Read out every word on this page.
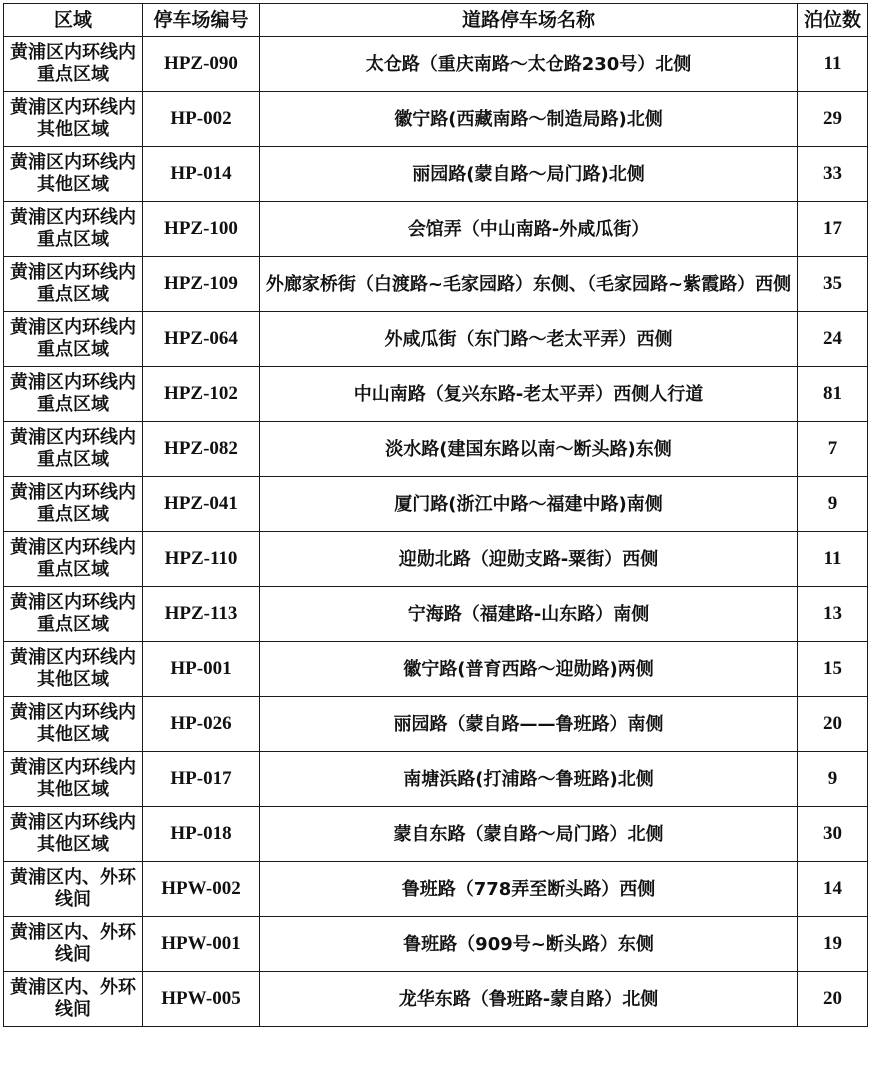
区域	停车场编号	道路停车场名称	泊位数
黄浦区内环线内重点区域	HPZ-090	太仓路（重庆南路～太仓路230号）北侧	11
黄浦区内环线内其他区域	HP-002	徽宁路(西藏南路～制造局路)北侧	29
黄浦区内环线内其他区域	HP-014	丽园路(蒙自路～局门路)北侧	33
黄浦区内环线内重点区域	HPZ-100	会馆弄（中山南路-外咸瓜街）	17
黄浦区内环线内重点区域	HPZ-109	外廊家桥街（白渡路~毛家园路）东侧、（毛家园路~紫霞路）西侧	35
黄浦区内环线内重点区域	HPZ-064	外咸瓜街（东门路～老太平弄）西侧	24
黄浦区内环线内重点区域	HPZ-102	中山南路（复兴东路-老太平弄）西侧人行道	81
黄浦区内环线内重点区域	HPZ-082	淡水路(建国东路以南～断头路)东侧	7
黄浦区内环线内重点区域	HPZ-041	厦门路(浙江中路～福建中路)南侧	9
黄浦区内环线内重点区域	HPZ-110	迎勋北路（迎勋支路-粟街）西侧	11
黄浦区内环线内重点区域	HPZ-113	宁海路（福建路-山东路）南侧	13
黄浦区内环线内其他区域	HP-001	徽宁路(普育西路～迎勋路)两侧	15
黄浦区内环线内其他区域	HP-026	丽园路（蒙自路——鲁班路）南侧	20
黄浦区内环线内其他区域	HP-017	南塘浜路(打浦路～鲁班路)北侧	9
黄浦区内环线内其他区域	HP-018	蒙自东路（蒙自路～局门路）北侧	30
黄浦区内、外环线间	HPW-002	鲁班路（778弄至断头路）西侧	14
黄浦区内、外环线间	HPW-001	鲁班路（909号~断头路）东侧	19
黄浦区内、外环线间	HPW-005	龙华东路（鲁班路-蒙自路）北侧	20
